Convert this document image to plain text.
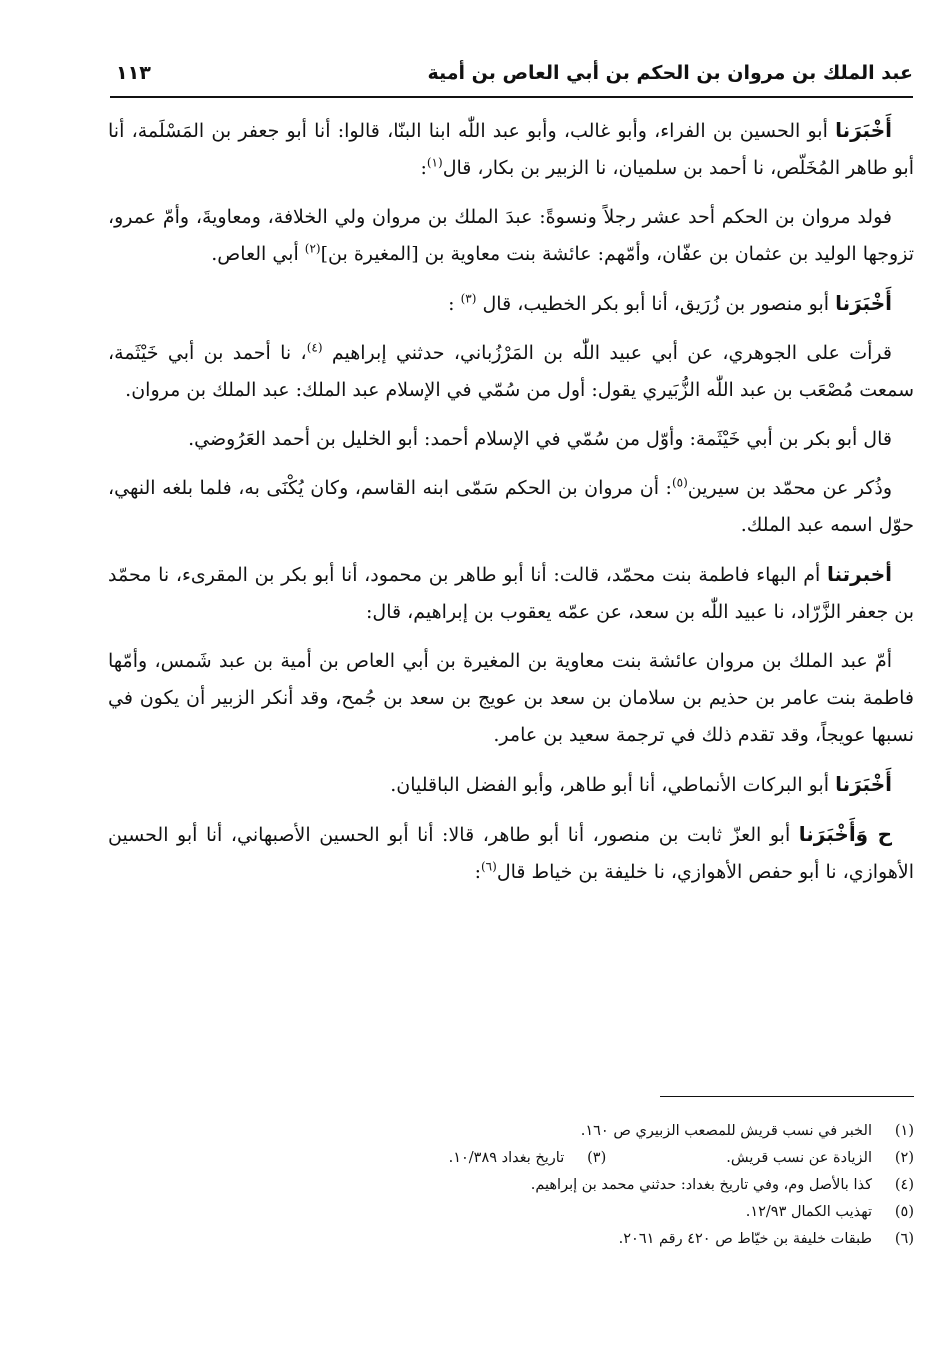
عبد الملك بن مروان بن الحكم بن أبي العاص بن أمية
١١٣

أَخْبَرَنا أبو الحسين بن الفراء، وأبو غالب، وأبو عبد اللّٰه ابنا البنّا، قالوا: أنا أبو جعفر بن المَسْلَمة، أنا أبو طاهر المُخَلّص، نا أحمد بن سلميان، نا الزبير بن بكار، قال$^{(١)}$:

فولد مروان بن الحكم أحد عشر رجلاً ونسوةً: عبدَ الملك بن مروان ولي الخلافة، ومعاويةَ، وأمّ عمرو، تزوجها الوليد بن عثمان بن عفّان، وأمّهم: عائشة بنت معاوية بن [المغيرة بن]$^{(٢)}$ أبي العاص.

أَخْبَرَنا أبو منصور بن زُرَيق، أنا أبو بكر الخطيب، قال $^{(٣)}$ :

قرأت على الجوهري، عن أبي عبيد اللّٰه بن المَرْزُباني، حدثني إبراهيم $^{(٤)}$، نا أحمد بن أبي خَيْثَمة، سمعت مُصْعَب بن عبد اللّٰه الزُّبَيري يقول: أول من سُمّي في الإسلام عبد الملك: عبد الملك بن مروان.

قال أبو بكر بن أبي خَيْثَمة: وأوّل من سُمّي في الإسلام أحمد: أبو الخليل بن أحمد العَرُوضي.

وذُكر عن محمّد بن سيرين$^{(٥)}$: أن مروان بن الحكم سَمّى ابنه القاسم، وكان يُكْنَى به، فلما بلغه النهي، حوّل اسمه عبد الملك.

أخبرتنا أم البهاء فاطمة بنت محمّد، قالت: أنا أبو طاهر بن محمود، أنا أبو بكر بن المقرىء، نا محمّد بن جعفر الزَّرّاد، نا عبيد اللّٰه بن سعد، عن عمّه يعقوب بن إبراهيم، قال:

أمّ عبد الملك بن مروان عائشة بنت معاوية بن المغيرة بن أبي العاص بن أمية بن عبد شَمس، وأمّها فاطمة بنت عامر بن حذيم بن سلامان بن سعد بن عويج بن سعد بن جُمح، وقد أنكر الزبير أن يكون في نسبها عويجاً، وقد تقدم ذلك في ترجمة سعيد بن عامر.

أَخْبَرَنا أبو البركات الأنماطي، أنا أبو طاهر، وأبو الفضل الباقليان.

ح وَأَخْبَرَنا أبو العزّ ثابت بن منصور، أنا أبو طاهر، قالا: أنا أبو الحسين الأصبهاني، أنا أبو الحسين الأهوازي، نا أبو حفص الأهوازي، نا خليفة بن خياط قال$^{(٦)}$:

(١)الخبر في نسب قريش للمصعب الزبيري ص ١٦٠.
(٢)الزيادة عن نسب قريش.
(٣)تاريخ بغداد ١٠/٣٨٩.
(٤)كذا بالأصل وم، وفي تاريخ بغداد: حدثني محمد بن إبراهيم.
(٥)تهذيب الكمال ١٢/٩٣.
(٦)طبقات خليفة بن خيّاط ص ٤٢٠ رقم ٢٠٦١.
